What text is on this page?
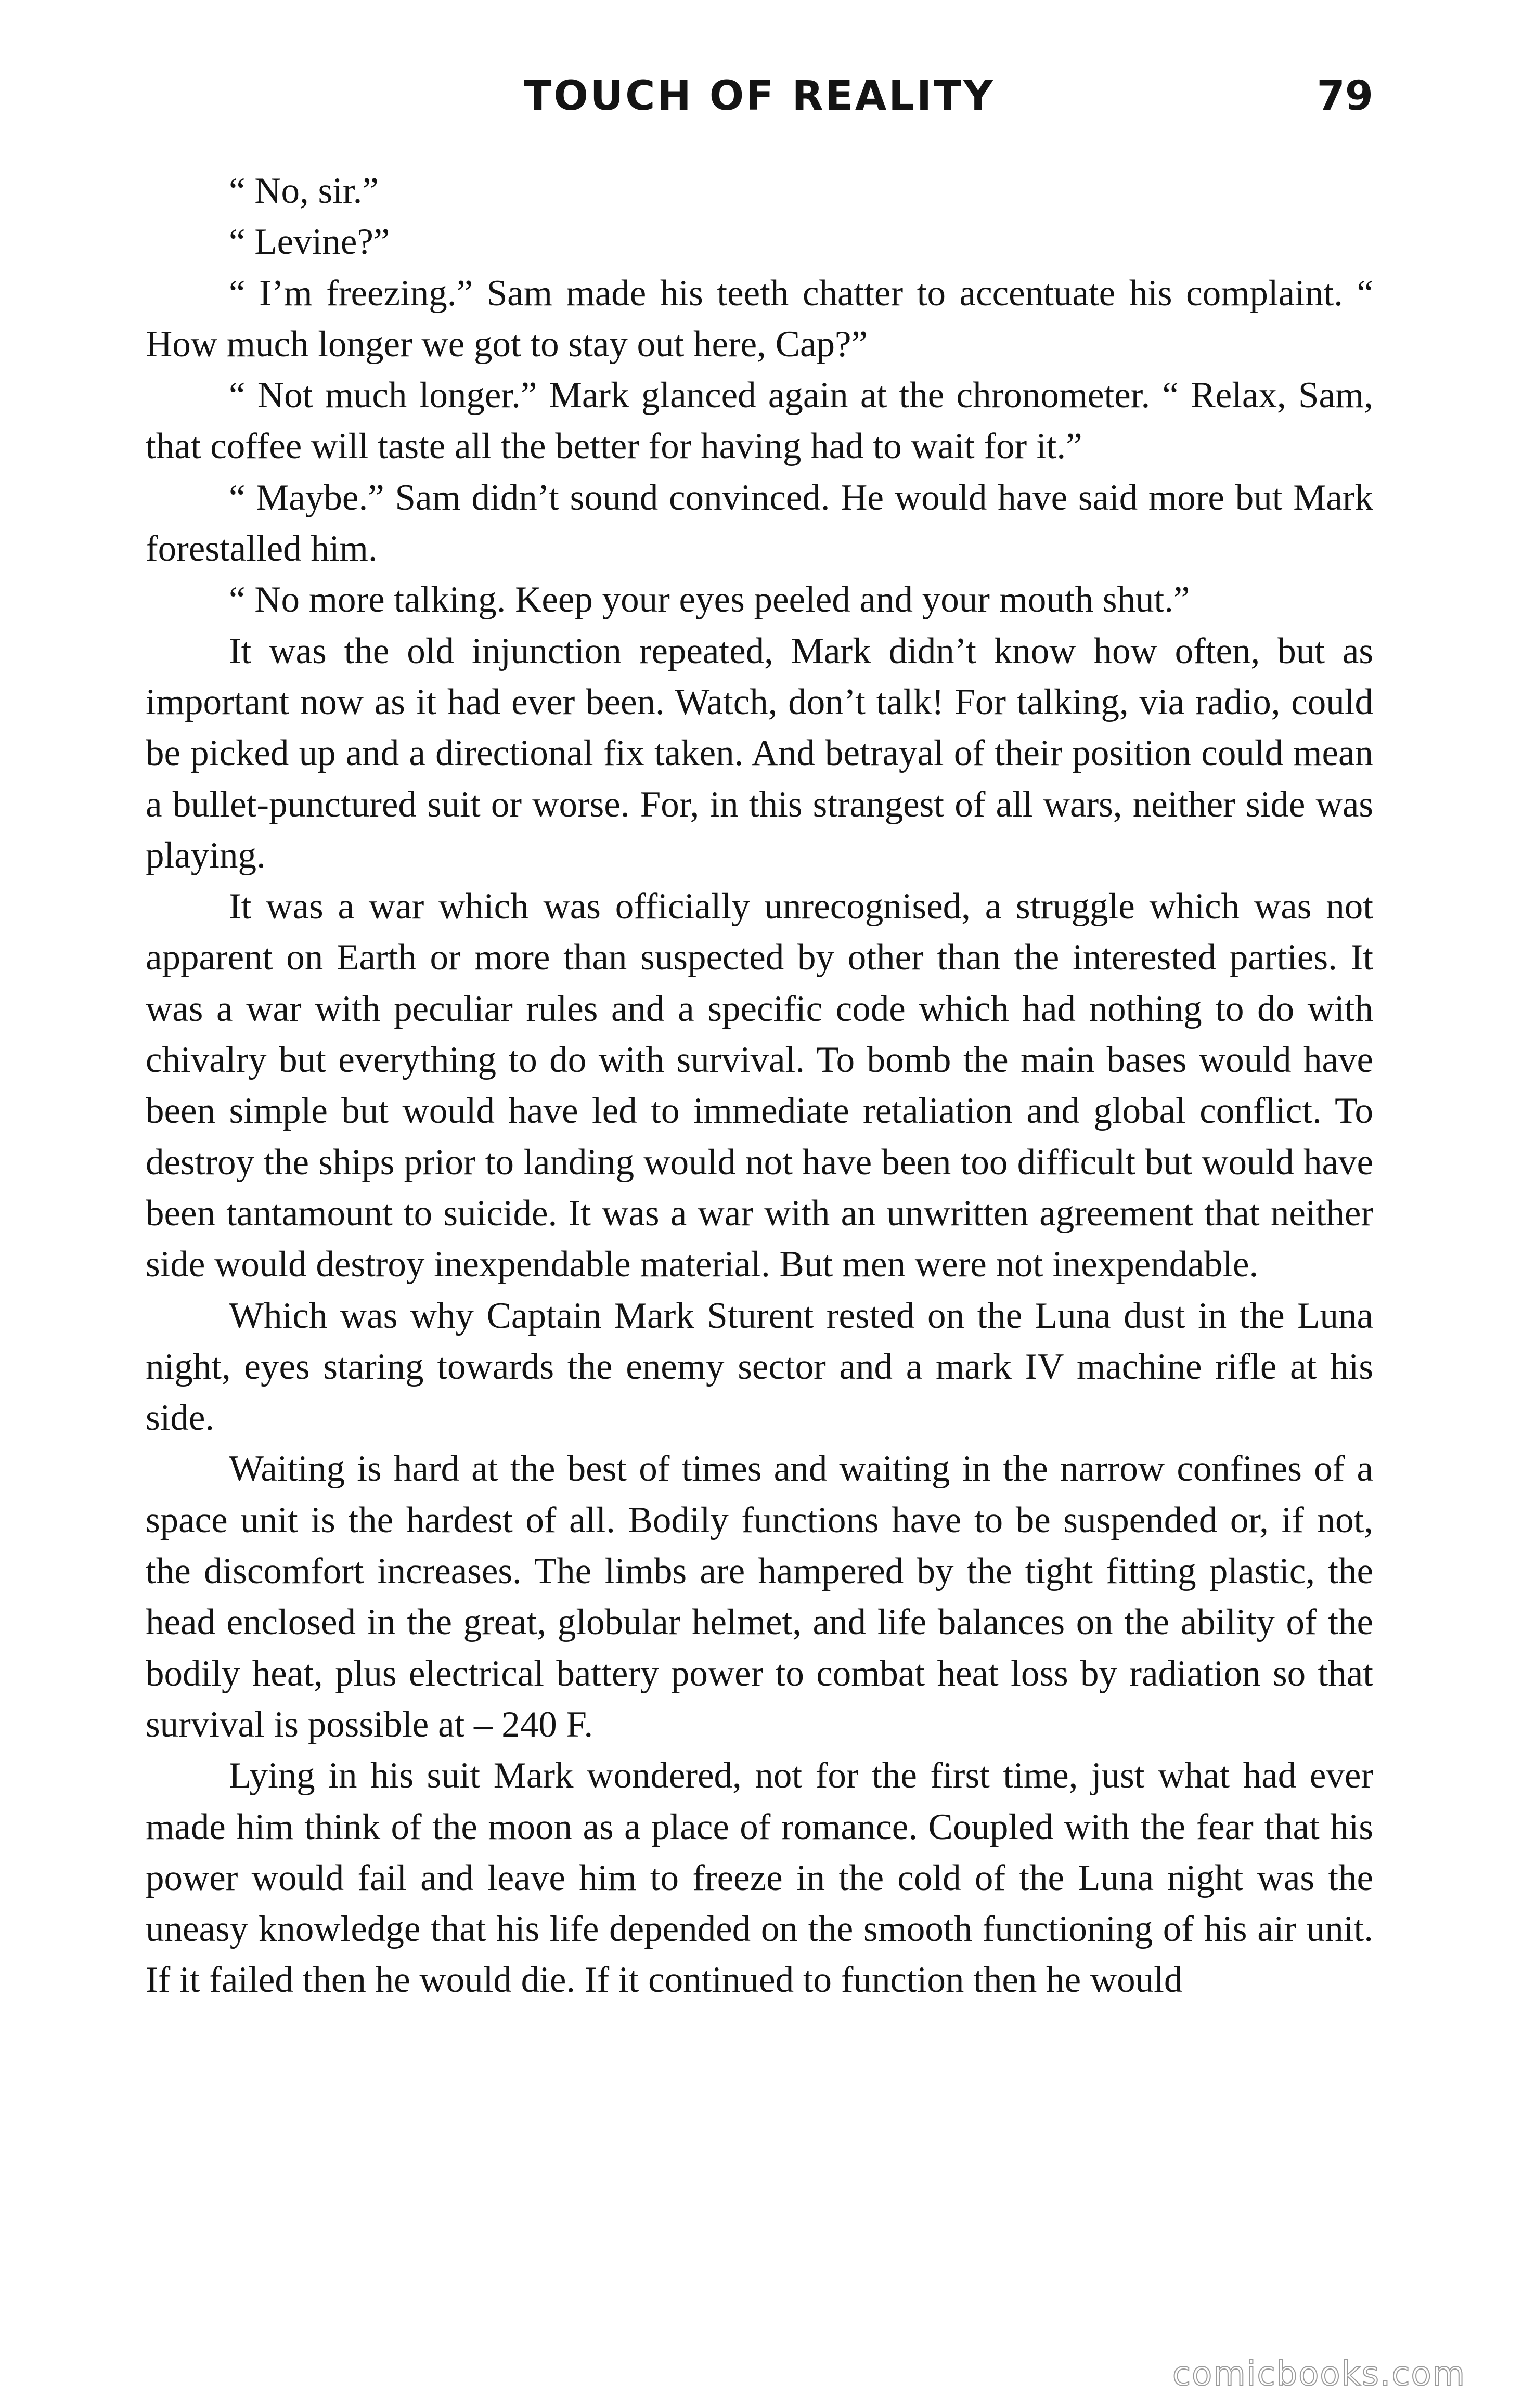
TOUCH OF REALITY	79

“ No, sir.”

“ Levine?”

“ I’m freezing.” Sam made his teeth chatter to accentuate his complaint. “ How much longer we got to stay out here, Cap?”

“ Not much longer.” Mark glanced again at the chronometer. “ Relax, Sam, that coffee will taste all the better for having had to wait for it.”

“ Maybe.” Sam didn’t sound convinced. He would have said more but Mark forestalled him.

“ No more talking. Keep your eyes peeled and your mouth shut.”

It was the old injunction repeated, Mark didn’t know how often, but as important now as it had ever been. Watch, don’t talk! For talking, via radio, could be picked up and a directional fix taken. And betrayal of their position could mean a bullet-punctured suit or worse. For, in this strangest of all wars, neither side was playing.

It was a war which was officially unrecognised, a struggle which was not apparent on Earth or more than suspected by other than the interested parties. It was a war with peculiar rules and a specific code which had nothing to do with chivalry but everything to do with survival. To bomb the main bases would have been simple but would have led to immediate retaliation and global conflict. To destroy the ships prior to landing would not have been too difficult but would have been tantamount to suicide. It was a war with an unwritten agreement that neither side would destroy inexpendable material. But men were not inexpendable.

Which was why Captain Mark Sturent rested on the Luna dust in the Luna night, eyes staring towards the enemy sector and a mark IV machine rifle at his side.

Waiting is hard at the best of times and waiting in the narrow confines of a space unit is the hardest of all. Bodily functions have to be suspended or, if not, the discomfort increases. The limbs are hampered by the tight fitting plastic, the head enclosed in the great, globular helmet, and life balances on the ability of the bodily heat, plus electrical battery power to combat heat loss by radiation so that survival is possible at – 240 F.

Lying in his suit Mark wondered, not for the first time, just what had ever made him think of the moon as a place of romance. Coupled with the fear that his power would fail and leave him to freeze in the cold of the Luna night was the uneasy knowledge that his life depended on the smooth functioning of his air unit. If it failed then he would die. If it continued to function then he would

comicbooks.com
